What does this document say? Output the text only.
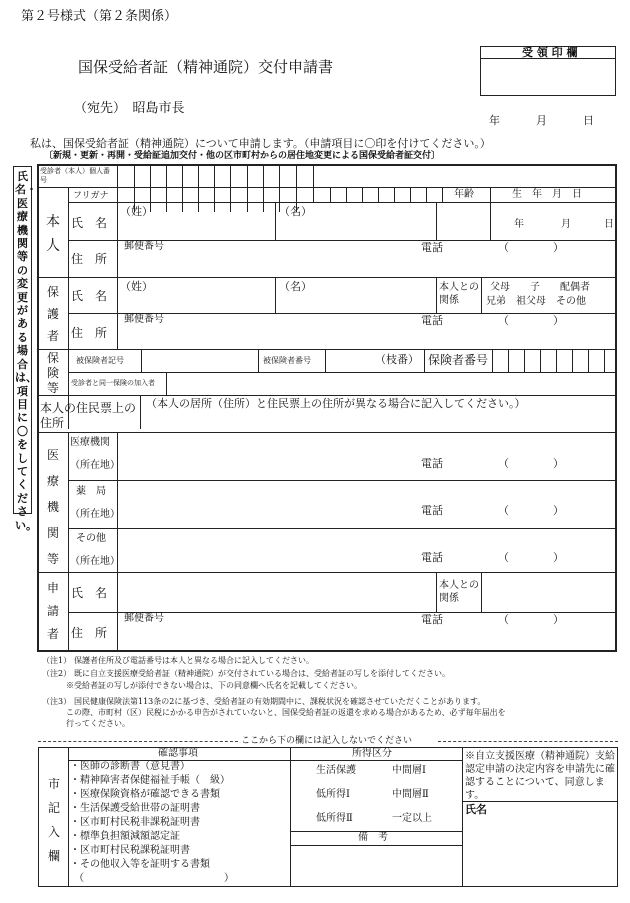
第２号様式（第２条関係）
国保受給者証（精神通院）交付申請書
（宛先）　昭島市長
受 領 印 欄
年	月	日
私は、国保受給者証（精神通院）について申請します。（申請項目に〇印を付けてください。）
〔新規・更新・再開・受給証追加交付・他の区市町村からの居住地変更による国保受給者証交付〕
氏名・医療機関等の変更がある場合は、項目に〇をしてください。
受診者（本人）個人番号
本人
フリガナ	年齢	生　年　月　日
氏　名
（姓）	（名）
年	月	日
郵便番号	電話	（　　　　）
住　所
保護者
氏　名
（姓）	（名）	本人との関係
父母　　子　　配偶者
兄弟　祖父母　その他
郵便番号	電話	（　　　　）
住　所
保険等
被保険者記号	被保険者番号	（枝番） 保険者番号
受診者と同一保険の加入者
本人の住民票上の住所
（本人の居所（住所）と住民票上の住所が異なる場合に記入してください。）
医療機関等
医療機関
（所在地）	電話	（　　　　）
薬　局
（所在地）	電話	（　　　　）
その他
（所在地）	電話	（　　　　）
申請者
氏　名
本人との関係
郵便番号	電話	（　　　　）
住　所
（注1） 保護者住所及び電話番号は本人と異なる場合に記入してください。
（注2） 既に自立支援医療受給者証（精神通院）が交付されている場合は、受給者証の写しを添付してください。
※受給者証の写しが添付できない場合は、下の同意欄へ氏名を記載してください。
（注3） 国民健康保険法第113条の2に基づき、受給者証の有効期間中に、課税状況を確認させていただくことがあります。
この際、市町村（区）民税にかかる申告がされていないと、国保受給者証の返還を求める場合があるため、必ず毎年届出を
行ってください。
ここから下の欄には記入しないでください
市記入欄
確認事項
・医師の診断書（意見書）
・精神障害者保健福祉手帳（　級）
・医療保険資格が確認できる書類
・生活保護受給世帯の証明書
・区市町村民税非課税証明書
・標準負担額減額認定証
・区市町村民税課税証明書
・その他収入等を証明する書類
（　　　　　　　　　　　　　　）
所得区分
生活保護	中間層Ⅰ
低所得Ⅰ	中間層Ⅱ
低所得Ⅱ	一定以上
備　考
※自立支援医療（精神通院）支給認定申請の決定内容を申請先に確認することについて、同意します。
氏名
